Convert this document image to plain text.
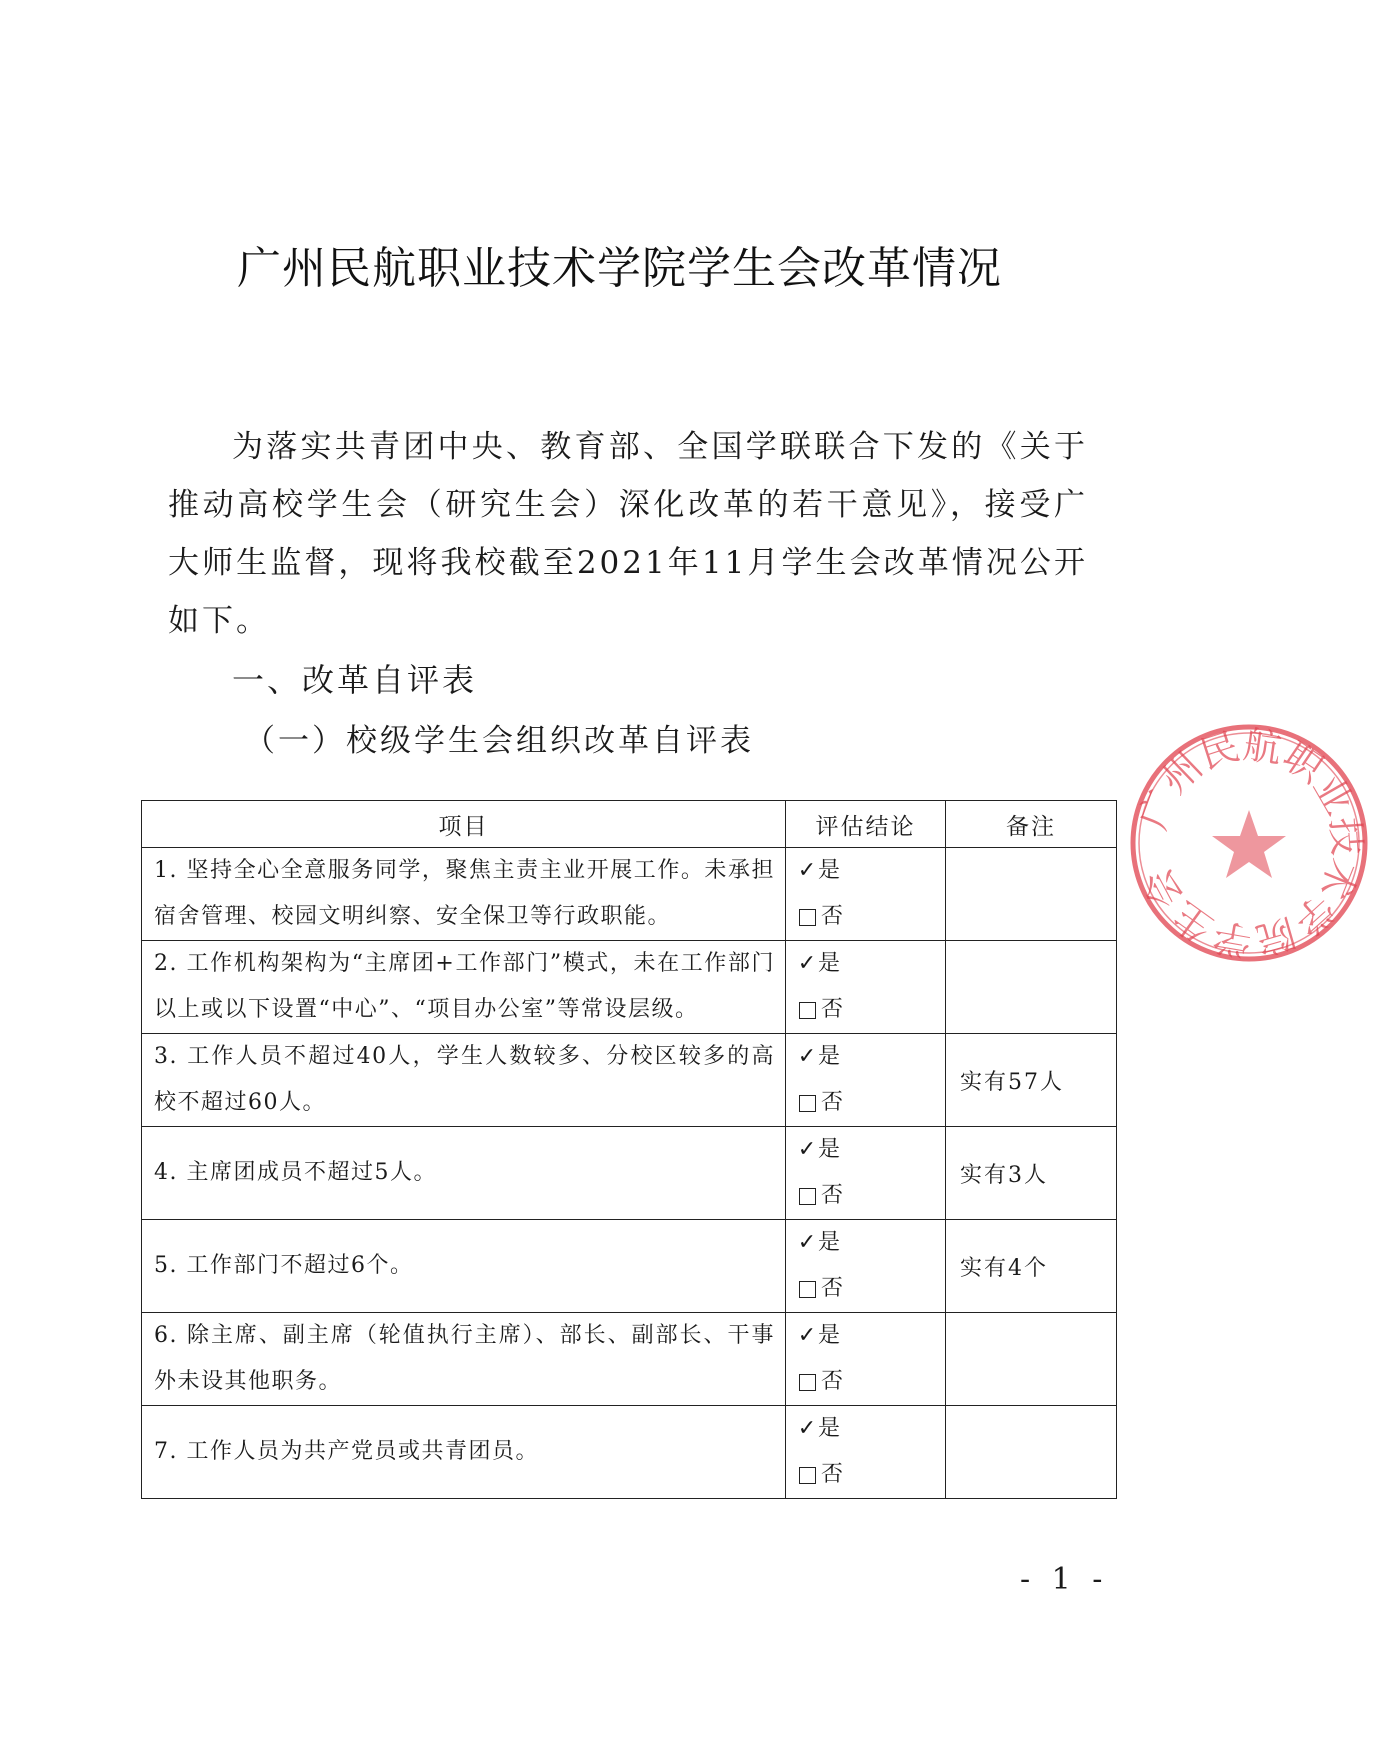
广州民航职业技术学院学生会改革情况

为落实共青团中央、教育部、全国学联联合下发的《关于推动高校学生会（研究生会）深化改革的若干意见》，接受广大师生监督，现将我校截至2021年11月学生会改革情况公开如下。

一、改革自评表
（一）校级学生会组织改革自评表
项目	评估结论	备注

1. 坚持全心全意服务同学，聚焦主责主业开展工作。未承担宿舍管理、校园文明纠察、安全保卫等行政职能。	✓ 是
否	

2. 工作机构架构为“主席团+工作部门”模式，未在工作部门以上或以下设置“中心”、“项目办公室”等常设层级。	✓ 是
否	

3. 工作人员不超过40人，学生人数较多、分校区较多的高校不超过60人。	✓ 是
否	实有57人

4. 主席团成员不超过5人。	✓ 是
否	实有3人

5. 工作部门不超过6个。	✓ 是
否	实有4个

6. 除主席、副主席（轮值执行主席）、部长、副部长、干事外未设其他职务。	✓ 是
否	

7. 工作人员为共产党员或共青团员。	✓ 是
否	

- 1 -
广州民航职业技术学院学生会
